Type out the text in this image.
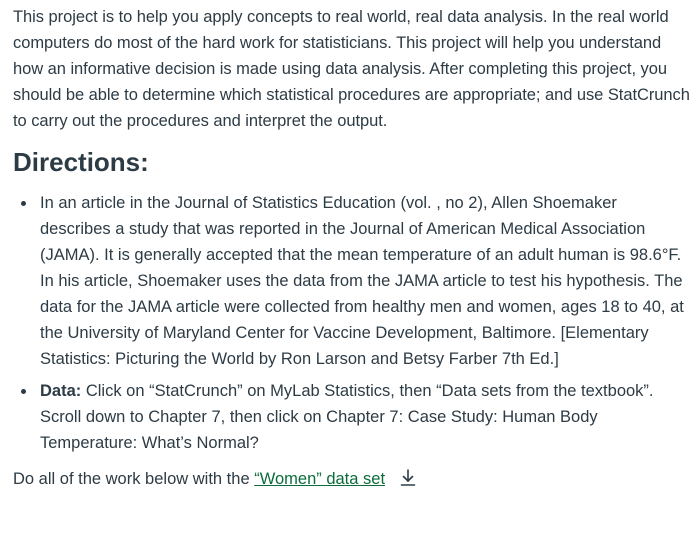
This project is to help you apply concepts to real world, real data analysis. In the real world computers do most of the hard work for statisticians. This project will help you understand how an informative decision is made using data analysis. After completing this project, you should be able to determine which statistical procedures are appropriate; and use StatCrunch to carry out the procedures and interpret the output.

Directions:
In an article in the Journal of Statistics Education (vol. , no 2), Allen Shoemaker describes a study that was reported in the Journal of American Medical Association (JAMA). It is generally accepted that the mean temperature of an adult human is 98.6°F. In his article, Shoemaker uses the data from the JAMA article to test his hypothesis. The data for the JAMA article were collected from healthy men and women, ages 18 to 40, at the University of Maryland Center for Vaccine Development, Baltimore. [Elementary Statistics: Picturing the World by Ron Larson and Betsy Farber 7th Ed.]
Data: Click on “StatCrunch” on MyLab Statistics, then “Data sets from the textbook”. Scroll down to Chapter 7, then click on Chapter 7: Case Study: Human Body Temperature: What’s Normal?

Do all of the work below with the “Women” data set
